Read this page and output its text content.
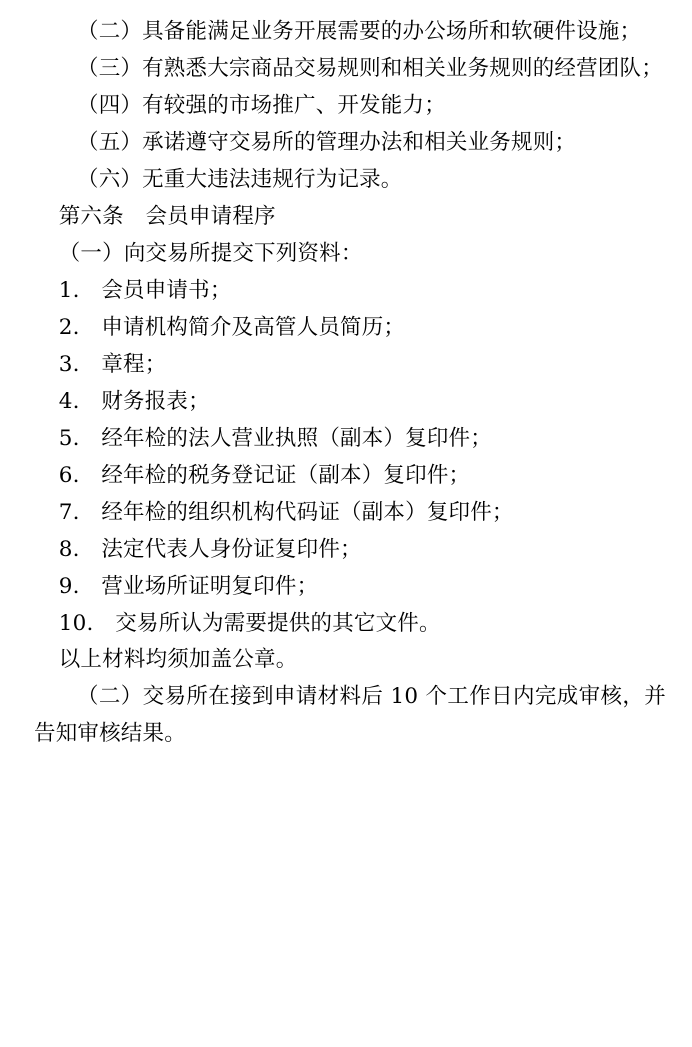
（二）具备能满足业务开展需要的办公场所和软硬件设施；

（三）有熟悉大宗商品交易规则和相关业务规则的经营团队；

（四）有较强的市场推广、开发能力；

（五）承诺遵守交易所的管理办法和相关业务规则；

（六）无重大违法违规行为记录。

第六条　会员申请程序

（一）向交易所提交下列资料：

1.　会员申请书；

2.　申请机构简介及高管人员简历；

3.　章程；

4.　财务报表；

5.　经年检的法人营业执照（副本）复印件；

6.　经年检的税务登记证（副本）复印件；

7.　经年检的组织机构代码证（副本）复印件；

8.　法定代表人身份证复印件；

9.　营业场所证明复印件；

10.　交易所认为需要提供的其它文件。

以上材料均须加盖公章。

（二）交易所在接到申请材料后 10 个工作日内完成审核，并告知审核结果。
